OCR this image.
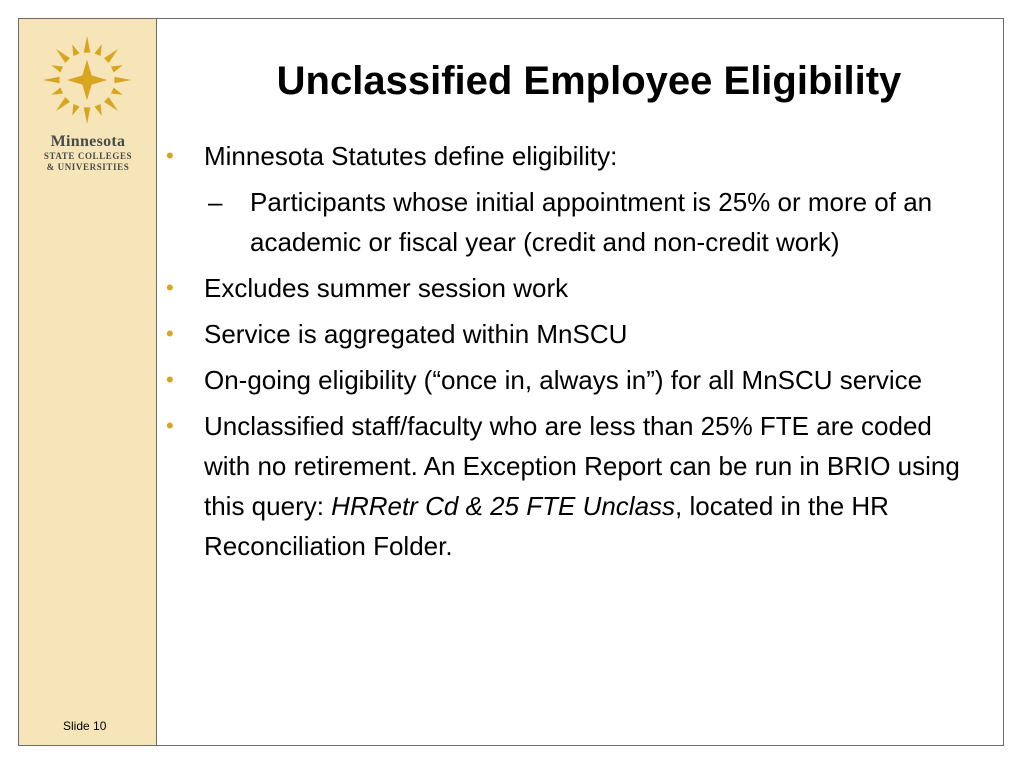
Minnesota
STATE COLLEGES
& UNIVERSITIES
Slide 10
Unclassified Employee Eligibility
• Minnesota Statutes define eligibility:
– Participants whose initial appointment is 25% or more of an academic or fiscal year (credit and non-credit work)
• Excludes summer session work
• Service is aggregated within MnSCU
• On-going eligibility (“once in, always in”) for all MnSCU service
• Unclassified staff/faculty who are less than 25% FTE are coded with no retirement. An Exception Report can be run in BRIO using this query: HRRetr Cd & 25 FTE Unclass, located in the HR Reconciliation Folder.
